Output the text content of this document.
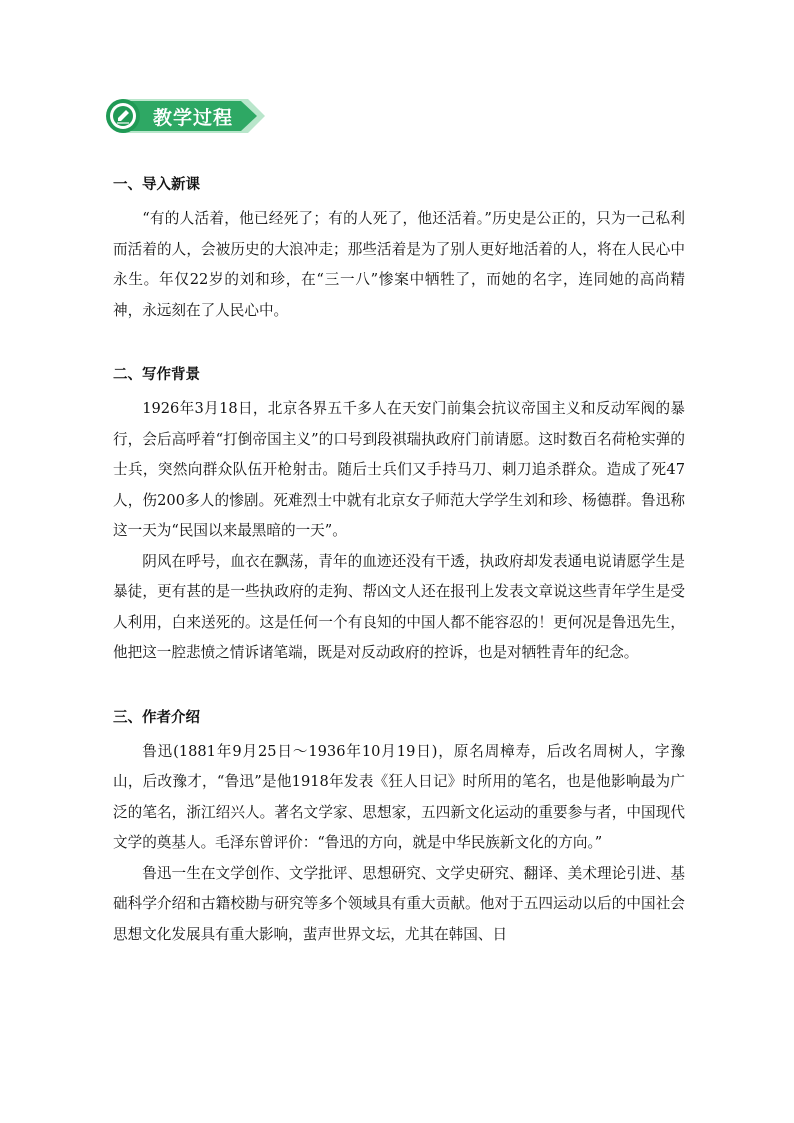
教学过程
一、导入新课

“有的人活着，他已经死了；有的人死了，他还活着。”历史是公正的，只为一己私利而活着的人，会被历史的大浪冲走；那些活着是为了别人更好地活着的人，将在人民心中永生。年仅22岁的刘和珍，在“三一八”惨案中牺牲了，而她的名字，连同她的高尚精神，永远刻在了人民心中。

二、写作背景

1926年3月18日，北京各界五千多人在天安门前集会抗议帝国主义和反动军阀的暴行，会后高呼着“打倒帝国主义”的口号到段祺瑞执政府门前请愿。这时数百名荷枪实弹的士兵，突然向群众队伍开枪射击。随后士兵们又手持马刀、刺刀追杀群众。造成了死47人，伤200多人的惨剧。死难烈士中就有北京女子师范大学学生刘和珍、杨德群。鲁迅称这一天为“民国以来最黑暗的一天”。

阴风在呼号，血衣在飘荡，青年的血迹还没有干透，执政府却发表通电说请愿学生是暴徒，更有甚的是一些执政府的走狗、帮凶文人还在报刊上发表文章说这些青年学生是受人利用，白来送死的。这是任何一个有良知的中国人都不能容忍的！更何况是鲁迅先生，他把这一腔悲愤之情诉诸笔端，既是对反动政府的控诉，也是对牺牲青年的纪念。

三、作者介绍

鲁迅(1881年9月25日～1936年10月19日)，原名周樟寿，后改名周树人，字豫山，后改豫才，“鲁迅”是他1918年发表《狂人日记》时所用的笔名，也是他影响最为广泛的笔名，浙江绍兴人。著名文学家、思想家，五四新文化运动的重要参与者，中国现代文学的奠基人。毛泽东曾评价：“鲁迅的方向，就是中华民族新文化的方向。”

鲁迅一生在文学创作、文学批评、思想研究、文学史研究、翻译、美术理论引进、基础科学介绍和古籍校勘与研究等多个领域具有重大贡献。他对于五四运动以后的中国社会思想文化发展具有重大影响，蜚声世界文坛，尤其在韩国、日
